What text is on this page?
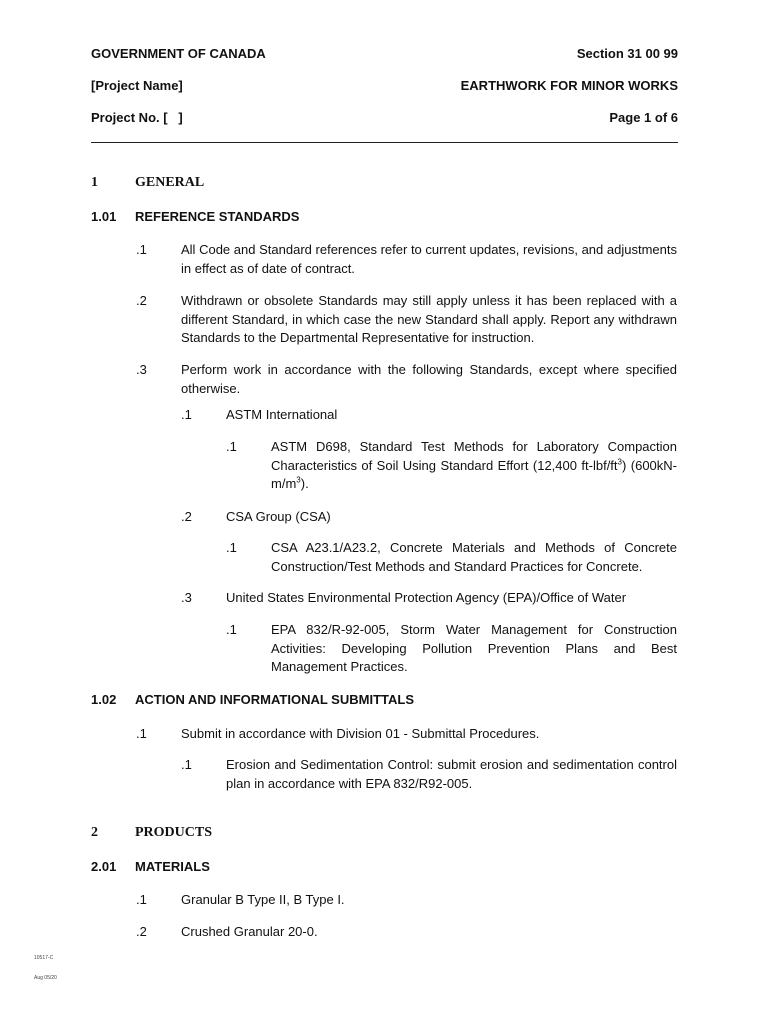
GOVERNMENT OF CANADA	Section 31 00 99
[Project Name]	EARTHWORK FOR MINOR WORKS
Project No. [   ]	Page 1 of 6
1	GENERAL
1.01 REFERENCE STANDARDS
.1	All Code and Standard references refer to current updates, revisions, and adjustments in effect as of date of contract.
.2	Withdrawn or obsolete Standards may still apply unless it has been replaced with a different Standard, in which case the new Standard shall apply. Report any withdrawn Standards to the Departmental Representative for instruction.
.3	Perform work in accordance with the following Standards, except where specified otherwise.
.1	ASTM International
.1	ASTM D698, Standard Test Methods for Laboratory Compaction Characteristics of Soil Using Standard Effort (12,400 $ft-lbf/ft^3$) $(600kN-m/m^3)$.
.2	CSA Group (CSA)
.1	CSA A23.1/A23.2, Concrete Materials and Methods of Concrete Construction/Test Methods and Standard Practices for Concrete.
.3	United States Environmental Protection Agency (EPA)/Office of Water
.1	EPA 832/R-92-005, Storm Water Management for Construction Activities: Developing Pollution Prevention Plans and Best Management Practices.
1.02 ACTION AND INFORMATIONAL SUBMITTALS
.1	Submit in accordance with Division 01 - Submittal Procedures.
.1	Erosion and Sedimentation Control: submit erosion and sedimentation control plan in accordance with EPA 832/R92-005.
2	PRODUCTS
2.01 MATERIALS
.1	Granular B Type II, B Type I.
.2	Crushed Granular 20-0.
10517-C
Aug 05/20
